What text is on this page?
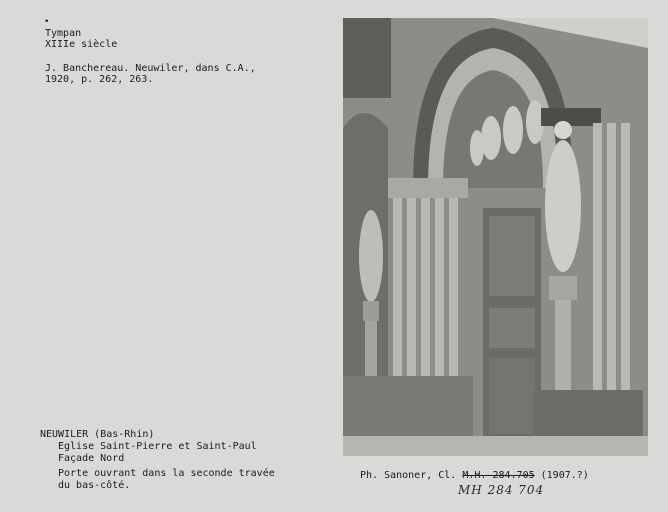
•
Tympan
XIIIe siècle
J. Banchereau. Neuwiler, dans C.A.,
1920, p. 262, 263.
NEUWILER (Bas-Rhin)
Eglise Saint-Pierre et Saint-Paul
Façade Nord
Porte ouvrant dans la seconde travée
du bas-côté.
Ph. Sanoner, Cl. M.H. 284.705 (1907.?)
MH 284 704
